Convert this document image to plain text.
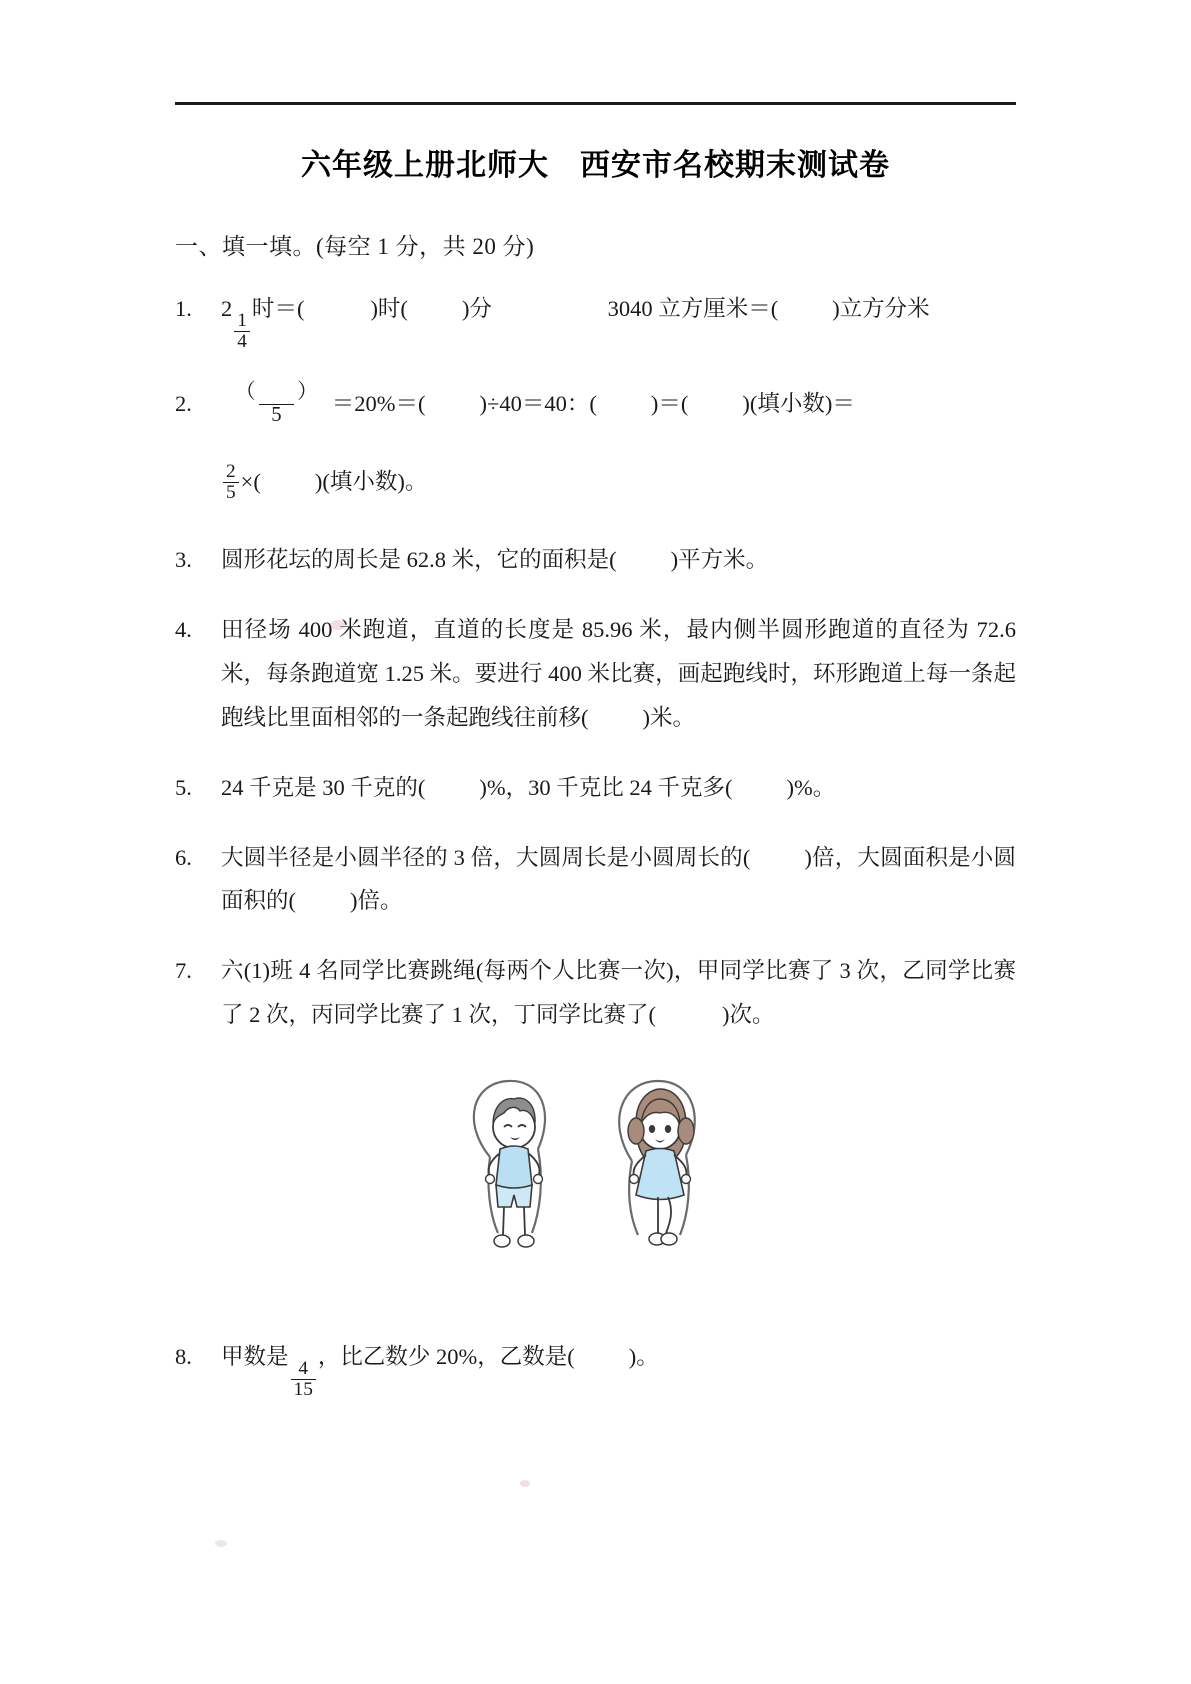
六年级上册北师大　西安市名校期末测试卷
一、填一填。(每空 1 分，共 20 分)
1.	2
$\frac{1}{4}$
时＝(	)时( )分	3040 立方厘米＝( )立方分米
2.	$\frac{( )}{5} =20\%=$( )÷40＝40：( )＝( )(填小数)＝
$\frac{2}{5}$ ×( )(填小数)。
3.	圆形花坛的周长是 62.8 米，它的面积是( )平方米。
4.	田径场 400 米跑道，直道的长度是 85.96 米，最内侧半圆形跑道的直径为 72.6 米，每条跑道宽 1.25 米。要进行 400 米比赛，画起跑线时，环形跑道上每一条起跑线比里面相邻的一条起跑线往前移( )米。
5.	24 千克是 30 千克的( )%，30 千克比 24 千克多( )%。
6.	大圆半径是小圆半径的 3 倍，大圆周长是小圆周长的( )倍，大圆面积是小圆面积的( )倍。
7.	六(1)班 4 名同学比赛跳绳(每两个人比赛一次)，甲同学比赛了 3 次，乙同学比赛了 2 次，丙同学比赛了 1 次，丁同学比赛了(	)次。
8.	甲数是
$\frac{4}{15}$
，比乙数少 20%，乙数是( )。
